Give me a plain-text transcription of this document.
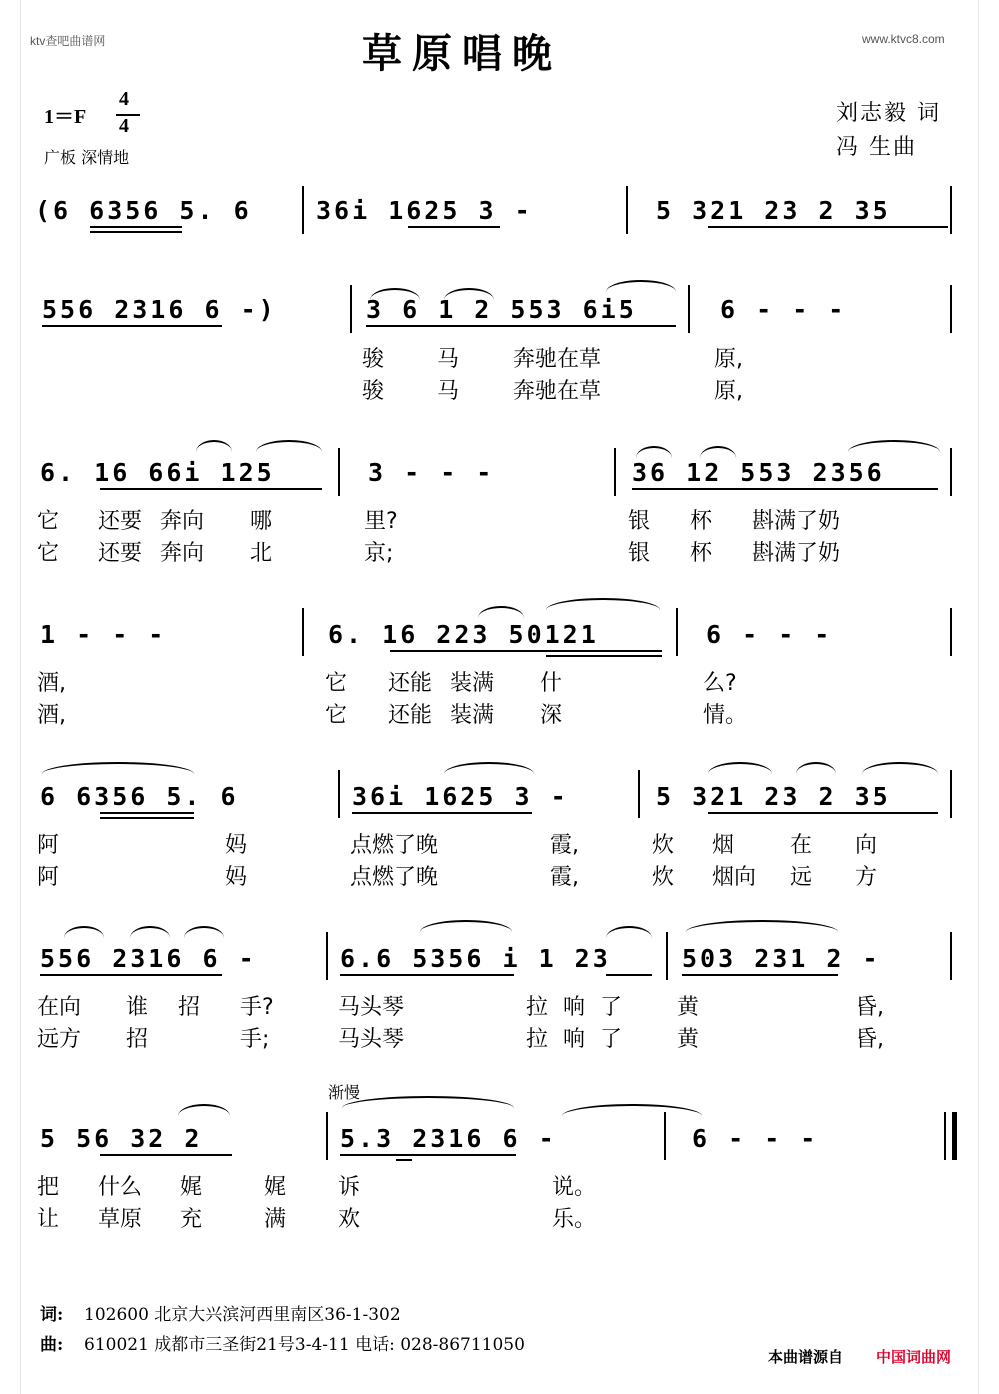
ktv查吧曲谱网	www.ktvc8.com
草原唱晚
1＝F
4
4
广板 深情地
刘志毅 词
冯 生曲
(6 6356 5. 6	36i 1625 3 -	5 321 23 2 35
556 2316 6 -)	3 6 1 2 553 6i5	6 - - -
骏 马 奔驰在草	原,
骏 马 奔驰在草	原,
6. 16 66i 125	3 - - -	36 12 553 2356
它 还要 奔向 哪	里?	银 杯 斟满了奶
它 还要 奔向 北	京;	银 杯 斟满了奶
1 - - -	6. 16 223 50121	6 - - -
酒,	它 还能 装满 什	么?
酒,	它 还能 装满 深	情。
6 6356 5. 6	36i 1625 3 -	5 321 23 2 35
阿	妈	点燃了晚	霞,	炊 烟	在 向
阿	妈	点燃了晚	霞,	炊 烟向 远 方
556 2316 6 -	6.6 5356 i 1 23	503 231 2 -
在向 谁 招 手?	马头琴	拉 响 了 黄	昏,
远方 招	手;	马头琴	拉 响 了 黄	昏,
渐慢
5 56 32 2	5.3 2316 6 -	6 - - -
把 什么 娓	娓 诉	说。
让 草原 充	满 欢	乐。
词: 102600 北京大兴滨河西里南区36-1-302
曲: 610021 成都市三圣街21号3-4-11 电话: 028-86711050
本曲谱源自 中国词曲网
